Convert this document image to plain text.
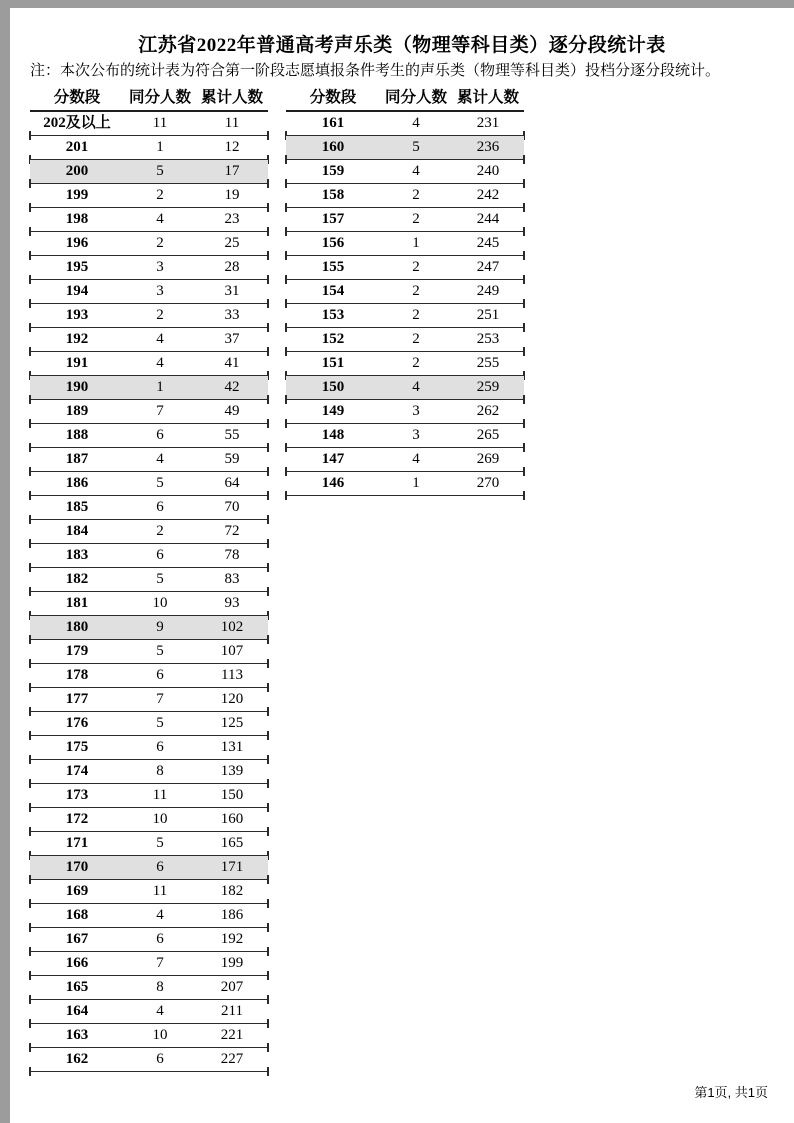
江苏省2022年普通高考声乐类（物理等科目类）逐分段统计表
注：本次公布的统计表为符合第一阶段志愿填报条件考生的声乐类（物理等科目类）投档分逐分段统计。
分数段	同分人数 累计人数
202及以上	11	11
201	1	12
200	5	17
199	2	19
198	4	23
196	2	25
195	3	28
194	3	31
193	2	33
192	4	37
191	4	41
190	1	42
189	7	49
188	6	55
187	4	59
186	5	64
185	6	70
184	2	72
183	6	78
182	5	83
181	10	93
180	9	102
179	5	107
178	6	113
177	7	120
176	5	125
175	6	131
174	8	139
173	11	150
172	10	160
171	5	165
170	6	171
169	11	182
168	4	186
167	6	192
166	7	199
165	8	207
164	4	211
163	10	221
162	6	227
分数段	同分人数 累计人数
161	4	231
160	5	236
159	4	240
158	2	242
157	2	244
156	1	245
155	2	247
154	2	249
153	2	251
152	2	253
151	2	255
150	4	259
149	3	262
148	3	265
147	4	269
146	1	270
第1页, 共1页
